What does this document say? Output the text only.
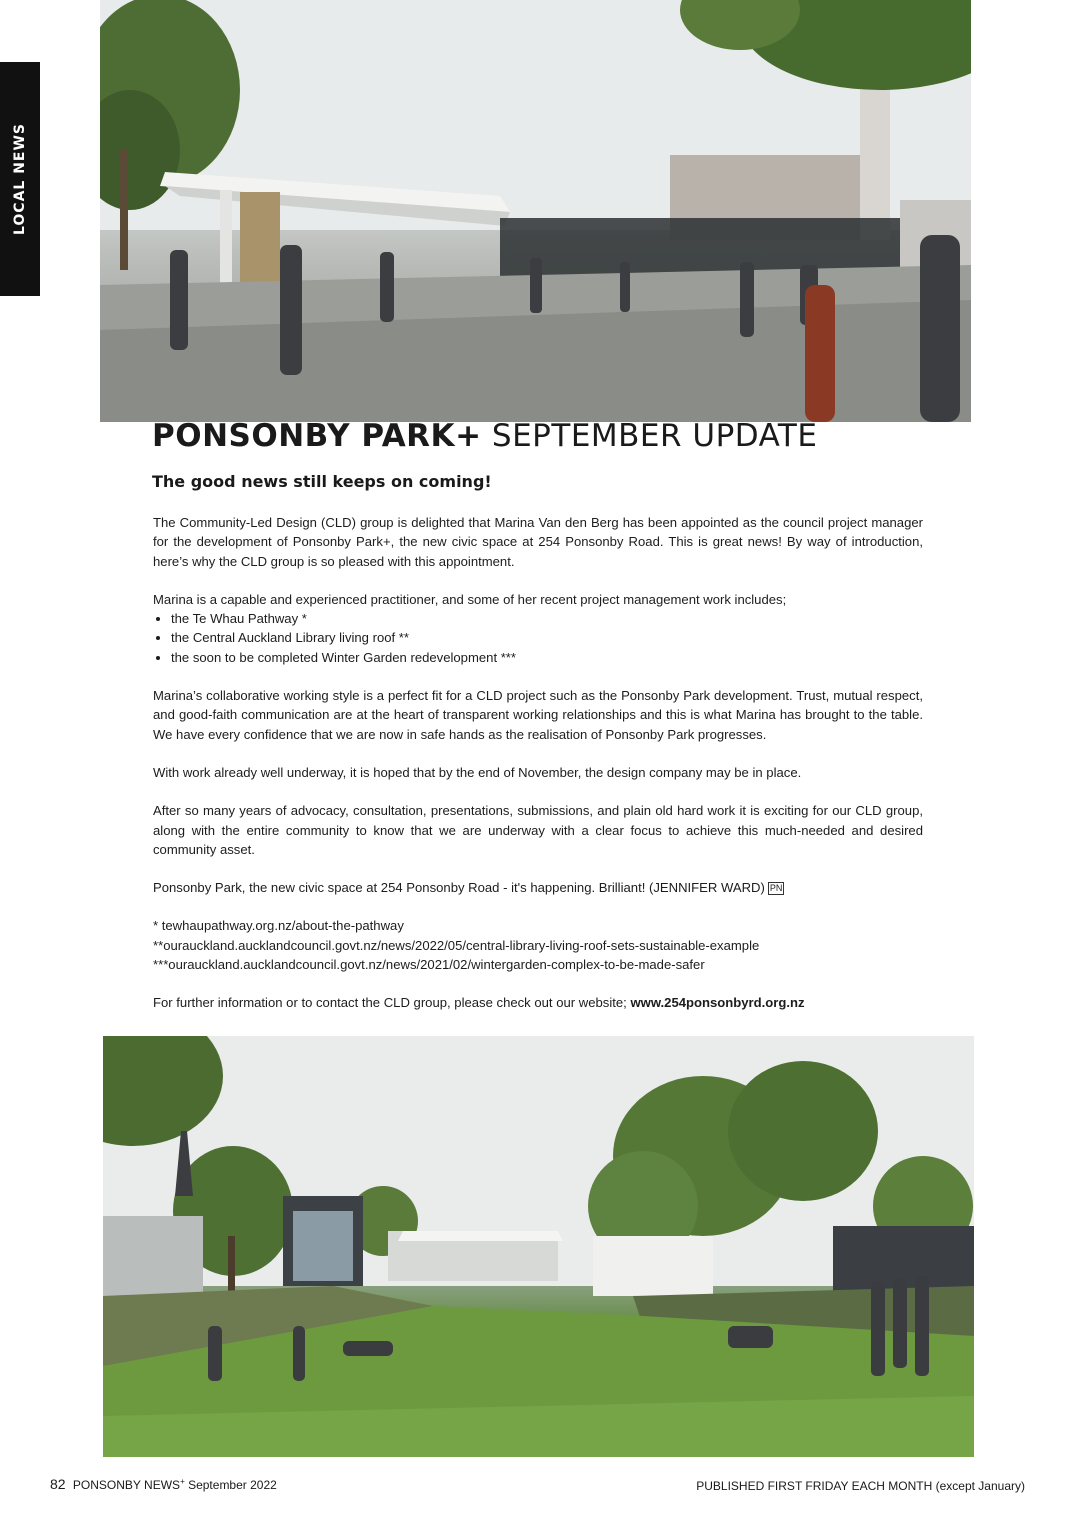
LOCAL NEWS
PONSONBY PARK+ SEPTEMBER UPDATE
The good news still keeps on coming!

The Community-Led Design (CLD) group is delighted that Marina Van den Berg has been appointed as the council project manager for the development of Ponsonby Park+, the new civic space at 254 Ponsonby Road. This is great news! By way of introduction, here’s why the CLD group is so pleased with this appointment.

Marina is a capable and experienced practitioner, and some of her recent project management work includes;

• the Te Whau Pathway *
• the Central Auckland Library living roof **
• the soon to be completed Winter Garden redevelopment ***

Marina’s collaborative working style is a perfect fit for a CLD project such as the Ponsonby Park development. Trust, mutual respect, and good-faith communication are at the heart of transparent working relationships and this is what Marina has brought to the table. We have every confidence that we are now in safe hands as the realisation of Ponsonby Park progresses.

With work already well underway, it is hoped that by the end of November, the design company may be in place.

After so many years of advocacy, consultation, presentations, submissions, and plain old hard work it is exciting for our CLD group, along with the entire community to know that we are underway with a clear focus to achieve this much-needed and desired community asset.

Ponsonby Park, the new civic space at 254 Ponsonby Road - it's happening. Brilliant! (JENNIFER WARD) PN

* tewhaupathway.org.nz/about-the-pathway
**ourauckland.aucklandcouncil.govt.nz/news/2022/05/central-library-living-roof-sets-sustainable-example
***ourauckland.aucklandcouncil.govt.nz/news/2021/02/wintergarden-complex-to-be-made-safer

For further information or to contact the CLD group, please check out our website; www.254ponsonbyrd.org.nz

82 PONSONBY NEWS+ September 2022	PUBLISHED FIRST FRIDAY EACH MONTH (except January)
